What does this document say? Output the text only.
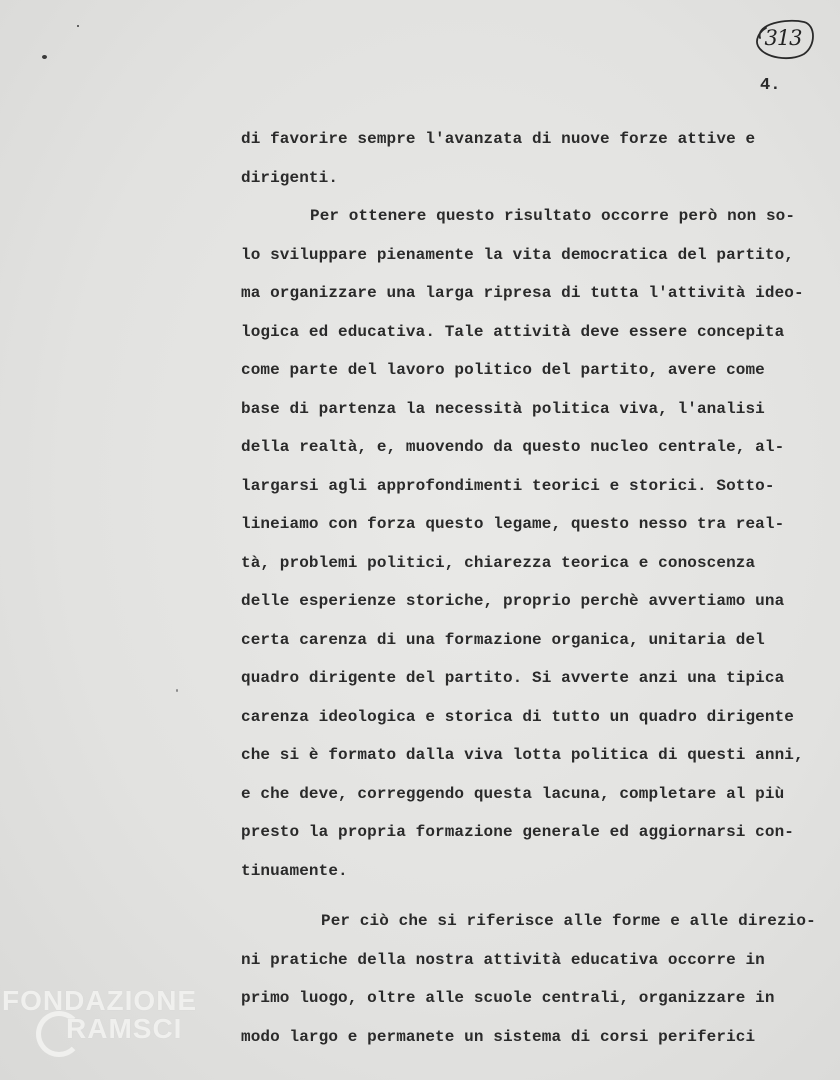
313
4.
di favorire sempre l'avanzata di nuove forze attive e
dirigenti.
Per ottenere questo risultato occorre però non so-
lo sviluppare pienamente la vita democratica del partito,
ma organizzare una larga ripresa di tutta l'attività ideo-
logica ed educativa. Tale attività deve essere concepita
come parte del lavoro politico del partito, avere come
base di partenza la necessità politica viva, l'analisi
della realtà, e, muovendo da questo nucleo centrale, al-
largarsi agli approfondimenti teorici e storici. Sotto-
lineiamo con forza questo legame, questo nesso tra real-
tà, problemi politici, chiarezza teorica e conoscenza
delle esperienze storiche, proprio perchè avvertiamo una
certa carenza di una formazione organica, unitaria del
quadro dirigente del partito. Si avverte anzi una tipica
carenza ideologica e storica di tutto un quadro dirigente
che si è formato dalla viva lotta politica di questi anni,
e che deve, correggendo questa lacuna, completare al più
presto la propria formazione generale ed aggiornarsi con-
tinuamente.
Per ciò che si riferisce alle forme e alle direzio-
ni pratiche della nostra attività educativa occorre in
primo luogo, oltre alle scuole centrali, organizzare in
modo largo e permanete un sistema di corsi periferici
FONDAZIONE
RAMSCI
